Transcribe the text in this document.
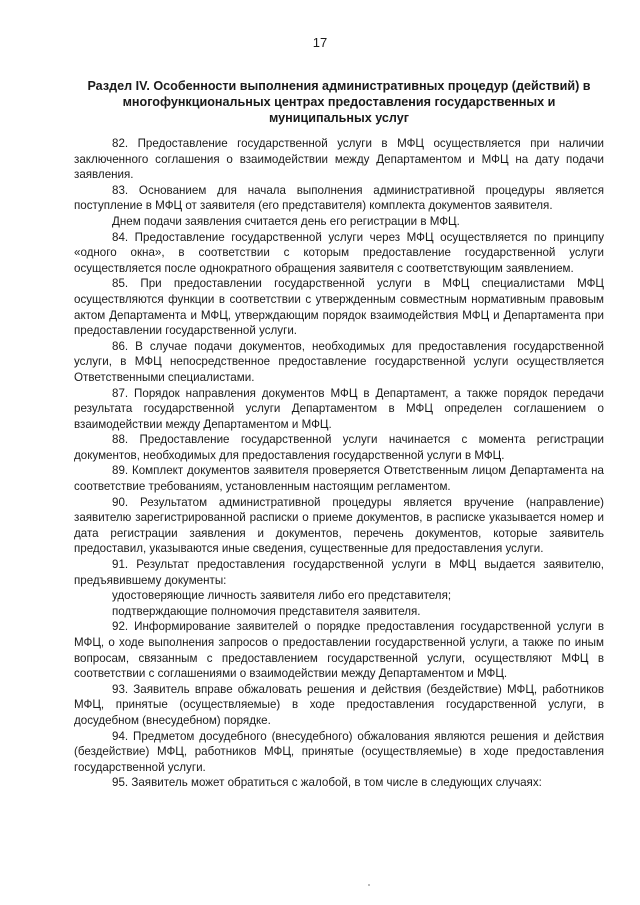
17
Раздел IV. Особенности выполнения административных процедур (действий) в многофункциональных центрах предоставления государственных и муниципальных услуг

82. Предоставление государственной услуги в МФЦ осуществляется при наличии заключенного соглашения о взаимодействии между Департаментом и МФЦ на дату подачи заявления.

83. Основанием для начала выполнения административной процедуры является поступление в МФЦ от заявителя (его представителя) комплекта документов заявителя.

Днем подачи заявления считается день его регистрации в МФЦ.

84. Предоставление государственной услуги через МФЦ осуществляется по принципу «одного окна», в соответствии с которым предоставление государственной услуги осуществляется после однократного обращения заявителя с соответствующим заявлением.

85. При предоставлении государственной услуги в МФЦ специалистами МФЦ осуществляются функции в соответствии с утвержденным совместным нормативным правовым актом Департамента и МФЦ, утверждающим порядок взаимодействия МФЦ и Департамента при предоставлении государственной услуги.

86. В случае подачи документов, необходимых для предоставления государственной услуги, в МФЦ непосредственное предоставление государственной услуги осуществляется Ответственными специалистами.

87. Порядок направления документов МФЦ в Департамент, а также порядок передачи результата государственной услуги Департаментом в МФЦ определен соглашением о взаимодействии между Департаментом и МФЦ.

88. Предоставление государственной услуги начинается с момента регистрации документов, необходимых для предоставления государственной услуги в МФЦ.

89. Комплект документов заявителя проверяется Ответственным лицом Департамента на соответствие требованиям, установленным настоящим регламентом.

90. Результатом административной процедуры является вручение (направление) заявителю зарегистрированной расписки о приеме документов, в расписке указывается номер и дата регистрации заявления и документов, перечень документов, которые заявитель предоставил, указываются иные сведения, существенные для предоставления услуги.

91. Результат предоставления государственной услуги в МФЦ выдается заявителю, предъявившему документы:

удостоверяющие личность заявителя либо его представителя;

подтверждающие полномочия представителя заявителя.

92. Информирование заявителей о порядке предоставления государственной услуги в МФЦ, о ходе выполнения запросов о предоставлении государственной услуги, а также по иным вопросам, связанным с предоставлением государственной услуги, осуществляют МФЦ в соответствии с соглашениями о взаимодействии между Департаментом и МФЦ.

93. Заявитель вправе обжаловать решения и действия (бездействие) МФЦ, работников МФЦ, принятые (осуществляемые) в ходе предоставления государственной услуги, в досудебном (внесудебном) порядке.

94. Предметом досудебного (внесудебного) обжалования являются решения и действия (бездействие) МФЦ, работников МФЦ, принятые (осуществляемые) в ходе предоставления государственной услуги.

95. Заявитель может обратиться с жалобой, в том числе в следующих случаях:
